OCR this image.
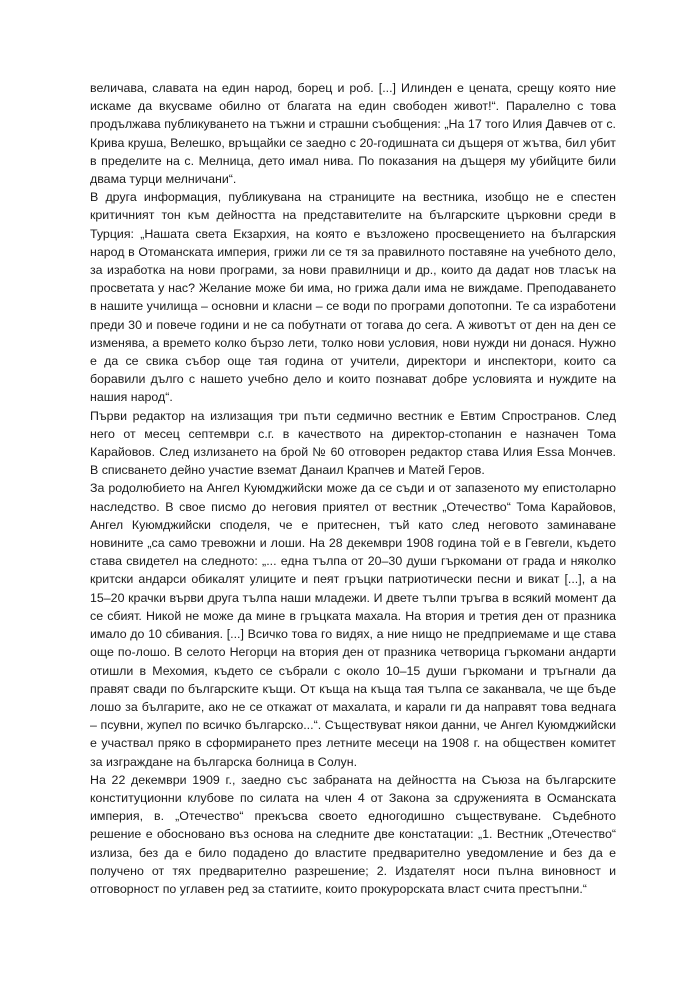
величава, славата на един народ, борец и роб. [...] Илинден е цената, срещу която ние искаме да вкусваме обилно от благата на един свободен живот!“. Паралелно с това продължава публикуването на тъжни и страшни съобщения: „На 17 того Илия Давчев от с. Крива круша, Велешко, връщайки се заедно с 20-годишната си дъщеря от жътва, бил убит в пределите на с. Мелница, дето имал нива. По показания на дъщеря му убийците били двама турци мелничани“.

В друга информация, публикувана на страниците на вестника, изобщо не е спестен критичният тон към дейността на представителите на българските църковни среди в Турция: „Нашата света Екзархия, на която е възложено просвещението на българския народ в Отоманската империя, грижи ли се тя за правилното поставяне на учебното дело, за изработка на нови програми, за нови правилници и др., които да дадат нов тласък на просветата у нас? Желание може би има, но грижа дали има не виждаме. Преподаването в нашите училища – основни и класни – се води по програми допотопни. Те са изработени преди 30 и повече години и не са побутнати от тогава до сега. А животът от ден на ден се изменява, а времето колко бързо лети, толко нови условия, нови нужди ни донася. Нужно е да се свика събор още тая година от учители, директори и инспектори, които са боравили дълго с нашето учебно дело и които познават добре условията и нуждите на нашия народ“.

Първи редактор на излизащия три пъти седмично вестник е Евтим Спространов. След него от месец септември с.г. в качеството на директор-стопанин е назначен Тома Карайовов. След излизането на брой № 60 отговорен редактор става Илия Essa Мончев. В списването дейно участие вземат Данаил Крапчев и Матей Геров.

За родолюбието на Ангел Куюмджийски може да се съди и от запазеното му епистоларно наследство. В свое писмо до неговия приятел от вестник „Отечество“ Тома Карайовов, Ангел Куюмджийски споделя, че е притеснен, тъй като след неговото заминаване новините „са само тревожни и лоши. На 28 декември 1908 година той е в Гевгели, където става свидетел на следното: „... една тълпа от 20–30 души гъркомани от града и няколко критски андарси обикалят улиците и пеят гръцки патриотически песни и викат [...], а на 15–20 крачки върви друга тълпа наши младежи. И двете тълпи тръгва в всякий момент да се сбият. Никой не може да мине в гръцката махала. На втория и третия ден от празника имало до 10 сбивания. [...] Всичко това го видях, а ние нищо не предприемаме и ще става още по-лошо. В селото Негорци на втория ден от празника четворица гъркомани андарти отишли в Мехомия, където се събрали с около 10–15 души гъркомани и тръгнали да правят свади по българските къщи. От къща на къща тая тълпа се заканвала, че ще бъде лошо за българите, ако не се откажат от махалата, и карали ги да направят това веднага – псувни, жупел по всичко българско...“. Съществуват някои данни, че Ангел Куюмджийски е участвал пряко в сформирането през летните месеци на 1908 г. на обществен комитет за изграждане на българска болница в Солун.

На 22 декември 1909 г., заедно със забраната на дейността на Съюза на българските конституционни клубове по силата на член 4 от Закона за сдруженията в Османската империя, в. „Отечество“ прекъсва своето едногодишно съществуване. Съдебното решение е обосновано въз основа на следните две констатации: „1. Вестник „Отечество“ излиза, без да е било подадено до властите предварително уведомление и без да е получено от тях предварително разрешение; 2. Издателят носи пълна виновност и отговорност по углавен ред за статиите, които прокурорската власт счита престъпни.“
